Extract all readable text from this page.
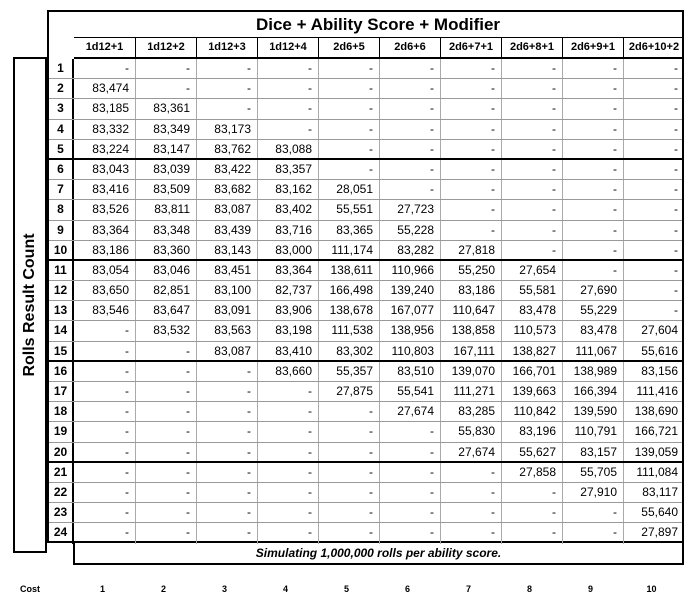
Rolls Result Count
Dice + Ability Score + Modifier
1d12+1	1d12+2	1d12+3	1d12+4	2d6+5	2d6+6	2d6+7+1	2d6+8+1	2d6+9+1	2d6+10+2
1	-	-	-	-	-	-	-	-	-	-
2	83,474	-	-	-	-	-	-	-	-	-
3	83,185	83,361	-	-	-	-	-	-	-	-
4	83,332	83,349	83,173	-	-	-	-	-	-	-
5	83,224	83,147	83,762	83,088	-	-	-	-	-	-
6	83,043	83,039	83,422	83,357	-	-	-	-	-	-
7	83,416	83,509	83,682	83,162	28,051	-	-	-	-	-
8	83,526	83,811	83,087	83,402	55,551	27,723	-	-	-	-
9	83,364	83,348	83,439	83,716	83,365	55,228	-	-	-	-
10	83,186	83,360	83,143	83,000	111,174	83,282	27,818	-	-	-
11	83,054	83,046	83,451	83,364	138,611	110,966	55,250	27,654	-	-
12	83,650	82,851	83,100	82,737	166,498	139,240	83,186	55,581	27,690	-
13	83,546	83,647	83,091	83,906	138,678	167,077	110,647	83,478	55,229	-
14	-	83,532	83,563	83,198	111,538	138,956	138,858	110,573	83,478	27,604
15	-	-	83,087	83,410	83,302	110,803	167,111	138,827	111,067	55,616
16	-	-	-	83,660	55,357	83,510	139,070	166,701	138,989	83,156
17	-	-	-	-	27,875	55,541	111,271	139,663	166,394	111,416
18	-	-	-	-	-	27,674	83,285	110,842	139,590	138,690
19	-	-	-	-	-	-	55,830	83,196	110,791	166,721
20	-	-	-	-	-	-	27,674	55,627	83,157	139,059
21	-	-	-	-	-	-	-	27,858	55,705	111,084
22	-	-	-	-	-	-	-	-	27,910	83,117
23	-	-	-	-	-	-	-	-	-	55,640
24	-	-	-	-	-	-	-	-	-	27,897
Simulating 1,000,000 rolls per ability score.
Cost	1	2	3	4	5	6	7	8	9	10
